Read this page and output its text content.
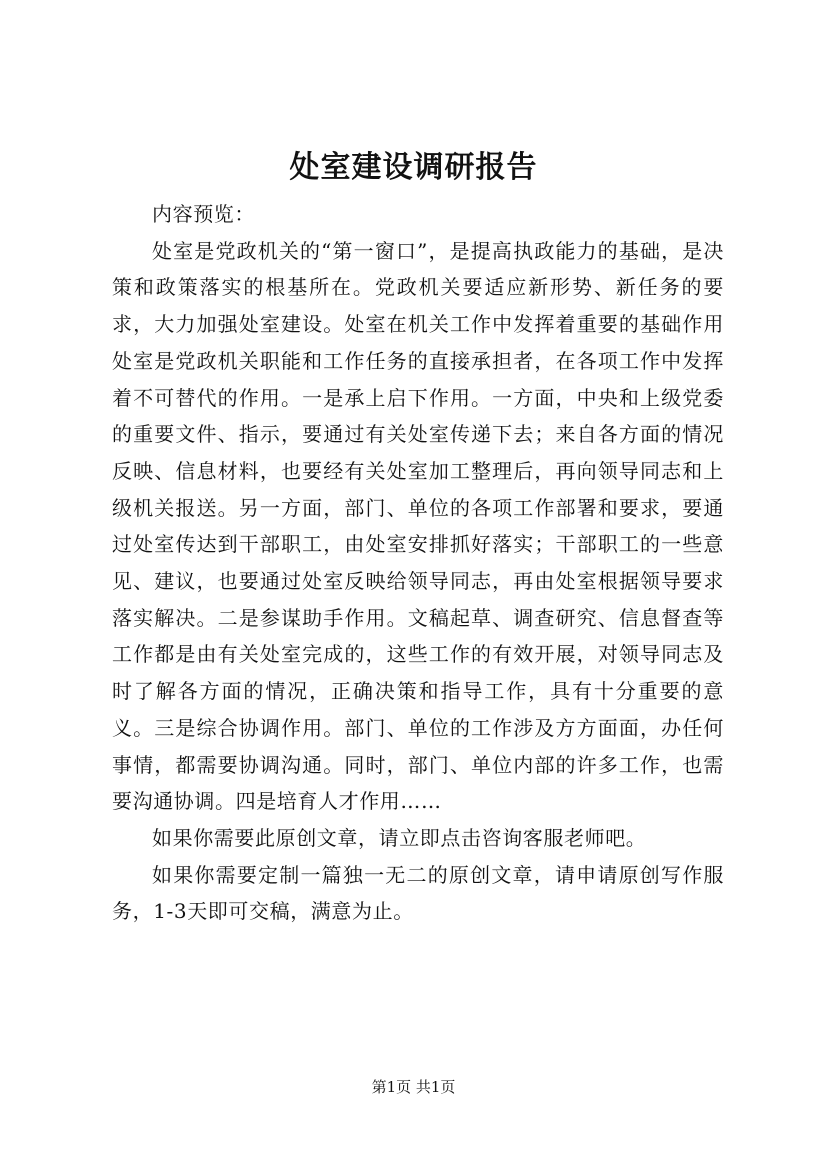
处室建设调研报告

内容预览：

处室是党政机关的“第一窗口”，是提高执政能力的基础，是决策和政策落实的根基所在。党政机关要适应新形势、新任务的要求，大力加强处室建设。处室在机关工作中发挥着重要的基础作用处室是党政机关职能和工作任务的直接承担者，在各项工作中发挥着不可替代的作用。一是承上启下作用。一方面，中央和上级党委的重要文件、指示，要通过有关处室传递下去；来自各方面的情况反映、信息材料，也要经有关处室加工整理后，再向领导同志和上级机关报送。另一方面，部门、单位的各项工作部署和要求，要通过处室传达到干部职工，由处室安排抓好落实；干部职工的一些意见、建议，也要通过处室反映给领导同志，再由处室根据领导要求落实解决。二是参谋助手作用。文稿起草、调查研究、信息督查等工作都是由有关处室完成的，这些工作的有效开展，对领导同志及时了解各方面的情况，正确决策和指导工作，具有十分重要的意义。三是综合协调作用。部门、单位的工作涉及方方面面，办任何事情，都需要协调沟通。同时，部门、单位内部的许多工作，也需要沟通协调。四是培育人才作用……

如果你需要此原创文章，请立即点击咨询客服老师吧。

如果你需要定制一篇独一无二的原创文章，请申请原创写作服务，1-3天即可交稿，满意为止。

第1页 共1页
